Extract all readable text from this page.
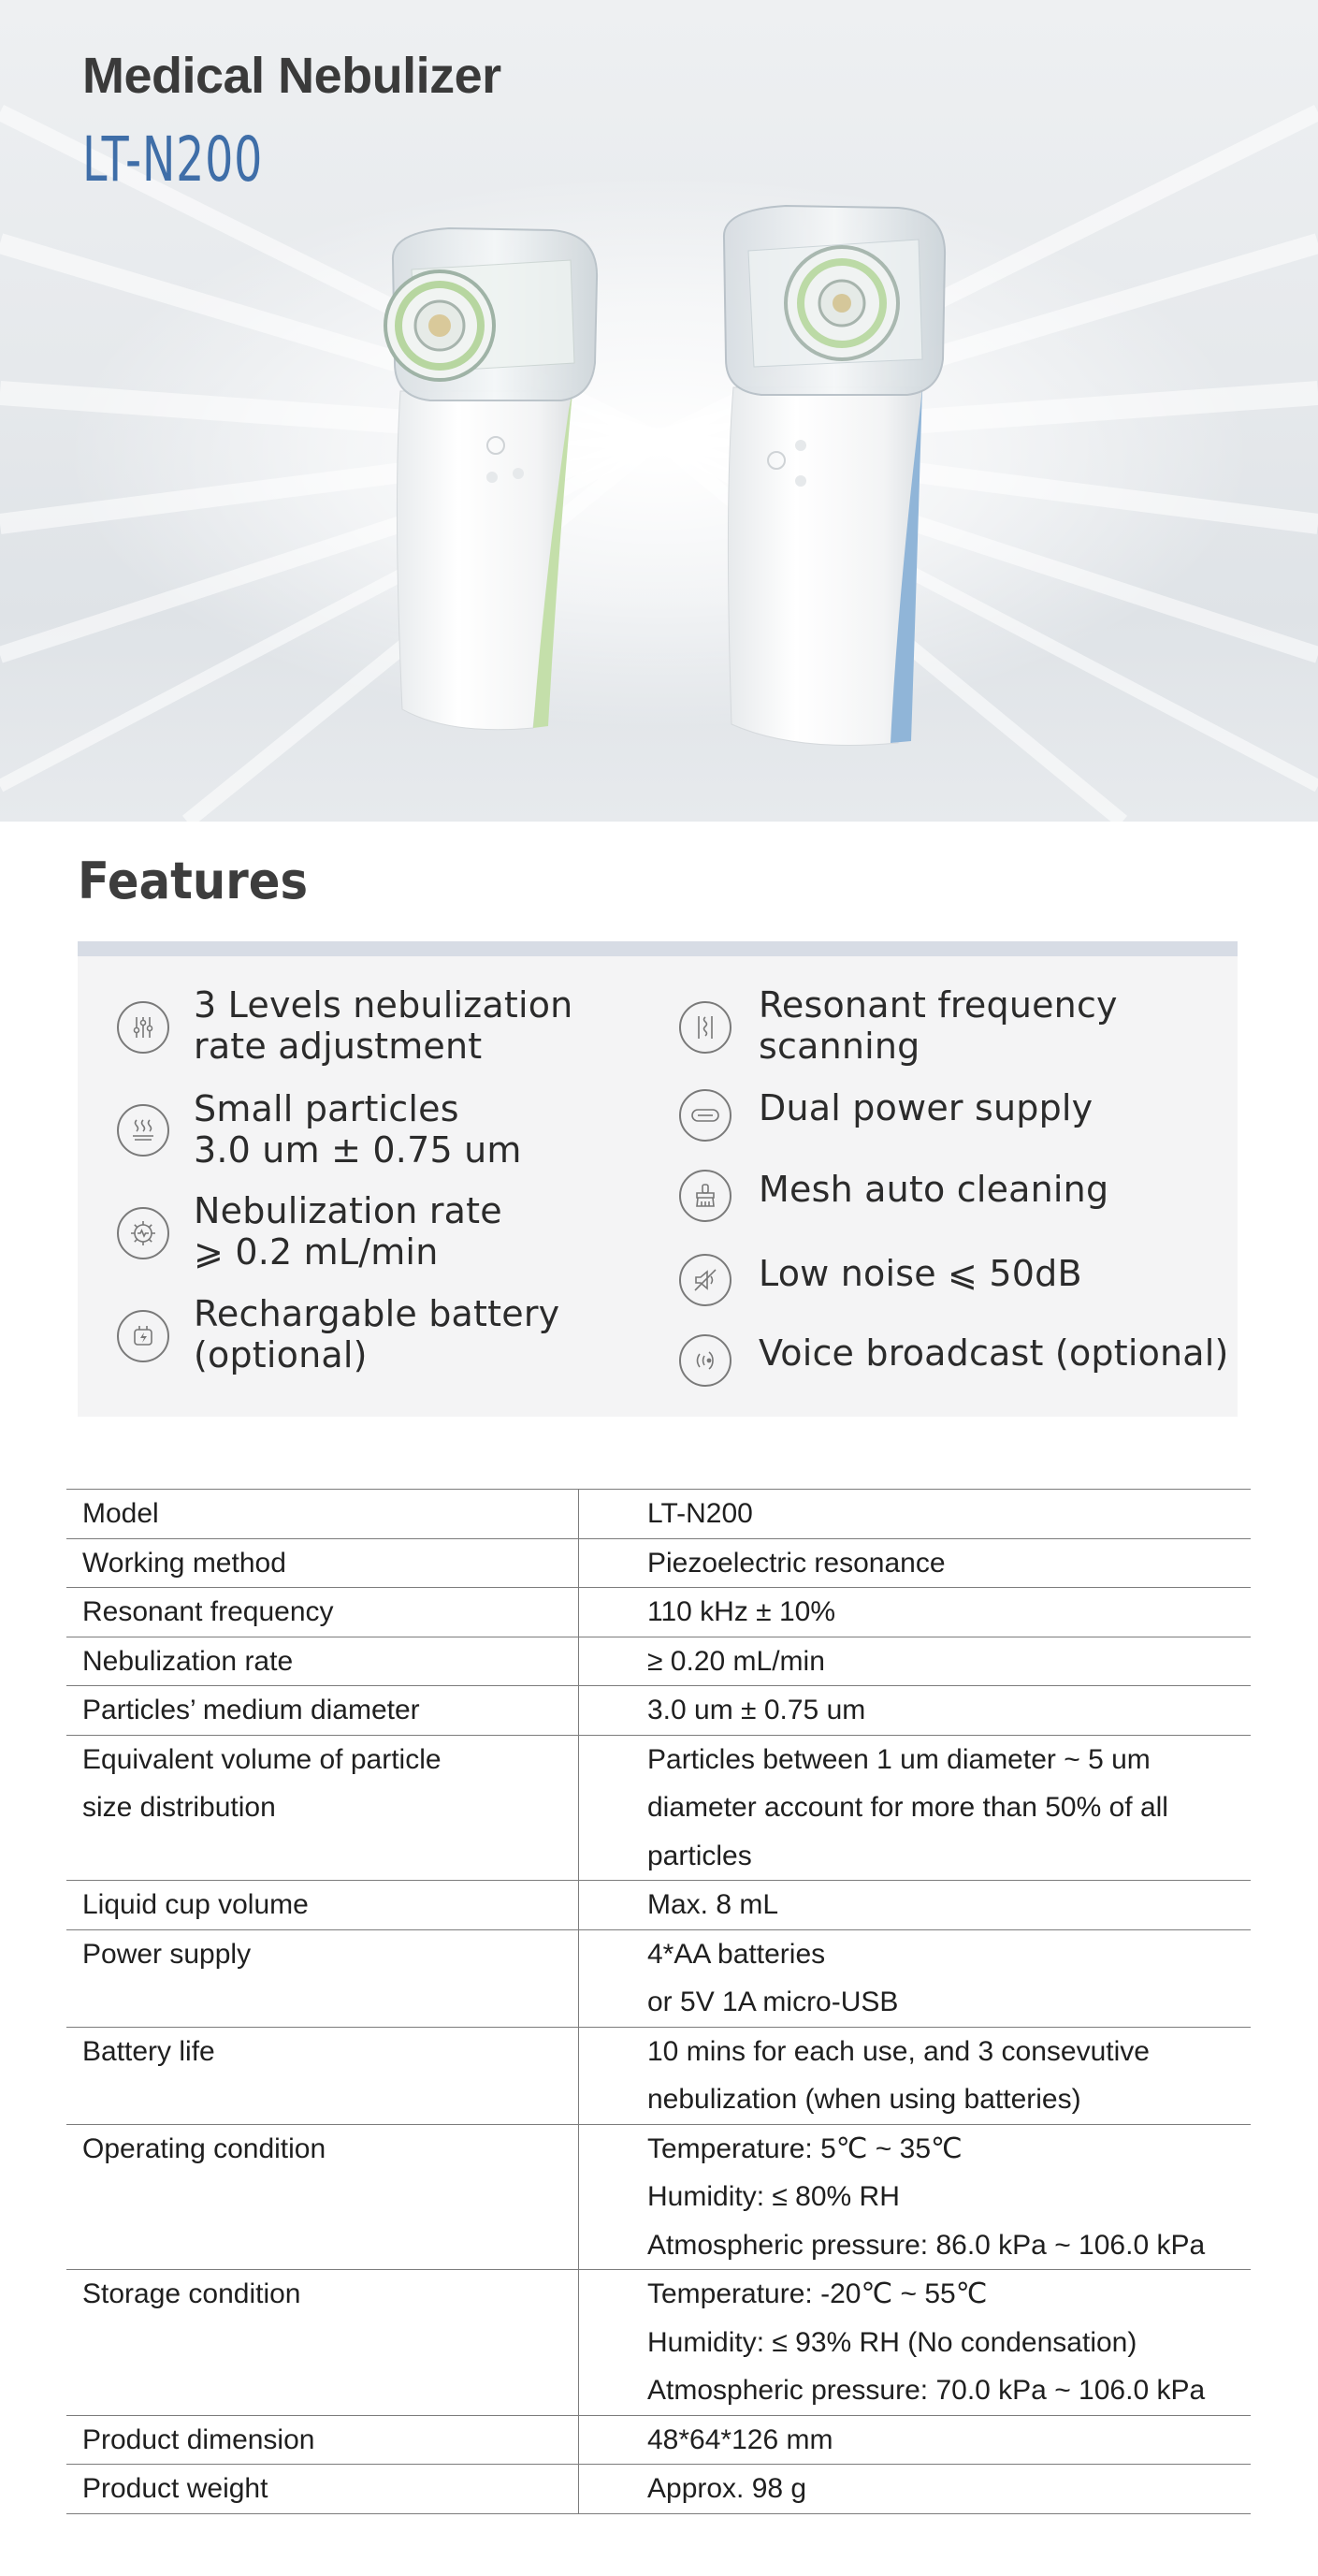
Medical Nebulizer
LT-N200
Features
3 Levels nebulization
rate adjustment
Small particles
3.0 um ± 0.75 um
Nebulization rate
⩾ 0.2 mL/min
Rechargable battery
(optional)
Resonant frequency
scanning
Dual power supply
Mesh auto cleaning
Low noise ⩽ 50dB
Voice broadcast (optional)
Model	LT-N200

Working method	Piezoelectric resonance

Resonant frequency	110 kHz ± 10%

Nebulization rate	≥ 0.20 mL/min

Particles’ medium diameter	3.0 um ± 0.75 um

Equivalent volume of particle
size distribution	Particles between 1 um diameter ~ 5 um
diameter account for more than 50% of all
particles

Liquid cup volume	Max. 8 mL

Power supply	4*AA batteries
or 5V 1A micro-USB

Battery life	10 mins for each use, and 3 consevutive
nebulization (when using batteries)

Operating condition	Temperature: 5℃ ~ 35℃
Humidity: ≤ 80% RH
Atmospheric pressure: 86.0 kPa ~ 106.0 kPa

Storage condition	Temperature: -20℃ ~ 55℃
Humidity: ≤ 93% RH (No condensation)
Atmospheric pressure: 70.0 kPa ~ 106.0 kPa

Product dimension	48*64*126 mm

Product weight	Approx. 98 g
